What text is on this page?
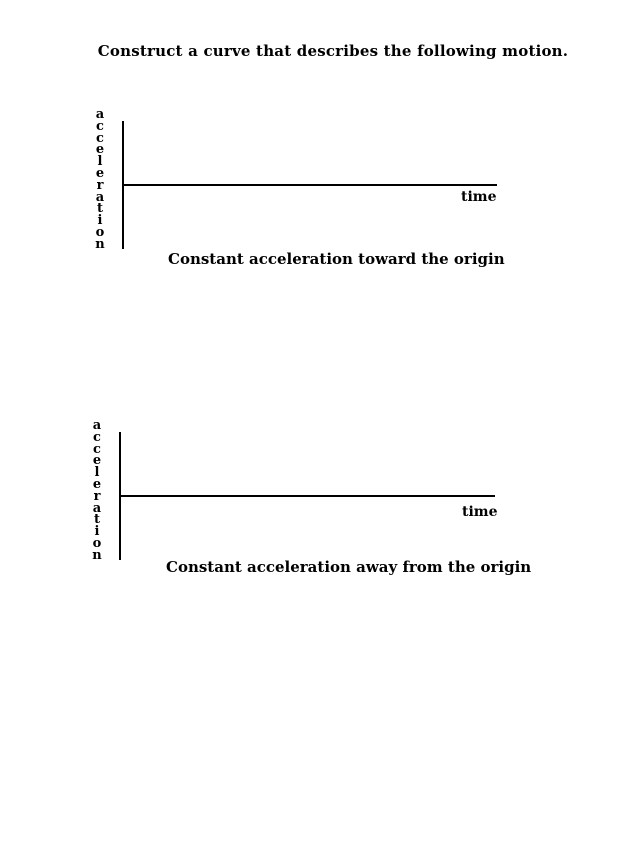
Construct a curve that describes the following motion.
a
c
c
e
l
e
r
a
t
i
o
n
time
Constant acceleration toward the origin
a
c
c
e
l
e
r
a
t
i
o
n
time
Constant acceleration away from the origin
